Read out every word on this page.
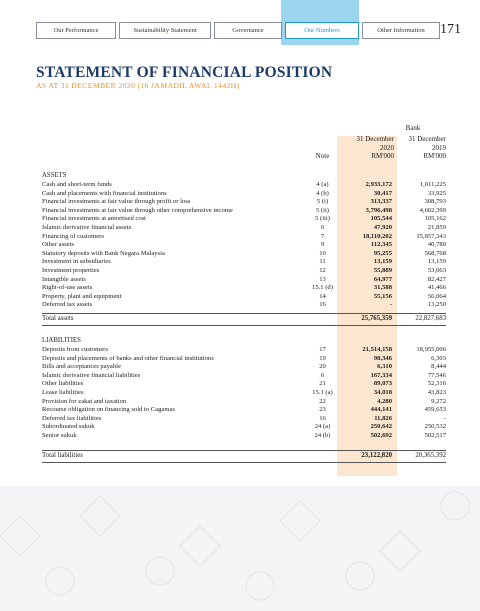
Our Performance	Sustainability Statement	Governance	Our Numbers	Other Information	171
STATEMENT OF FINANCIAL POSITION
AS AT 31 DECEMBER 2020 (16 JAMADIL AWAL 1442H)
Bank
31 December
2020
RM'000
31 December
2019
RM'000
Note
ASSETS
Cash and short-term funds	4 (a)	2,933,172	1,011,225
Cash and placements with financial institutions	4 (b)	30,417	33,925
Financial investments at fair value through profit or loss	5 (i)	313,337	308,793
Financial investments at fair value through other comprehensive income	5 (ii)	3,796,498	4,602,399
Financial investments at amortised cost	5 (iii)	105,544	105,162
Islamic derivative financial assets	6	47,920	21,859
Financing of customers	7	18,110,202	15,857,343
Other assets	9	112,345	40,780
Statutory deposits with Bank Negara Malaysia	10	95,255	568,768
Investment in subsidiaries	11	13,159	13,159
Investment properties	12	55,889	53,063
Intangible assets	13	64,977	82,427
Right-of-use assets	15.1 (d)	31,588	41,466
Property, plant and equipment	14	55,156	56,064
Deferred tax assets	16	-	13,250
Total assets	25,765,359	22,827,683
LIABILITIES
Deposits from customers	17	21,514,158	18,955,006
Deposits and placements of banks and other financial institutions	19	98,346	6,303
Bills and acceptances payable	20	6,310	8,444
Islamic derivative financial liabilities	6	167,334	77,546
Other liabilities	21	89,073	52,316
Lease liabilities	15.1 (a)	34,018	43,823
Provision for zakat and taxation	22	4,280	9,272
Recourse obligation on financing sold to Cagamas	23	444,141	459,653
Deferred tax liabilities	16	11,826	-
Subordinated sukuk	24 (a)	250,642	250,532
Senior sukuk	24 (b)	502,692	502,517
Total liabilities	23,122,820	20,365,392
